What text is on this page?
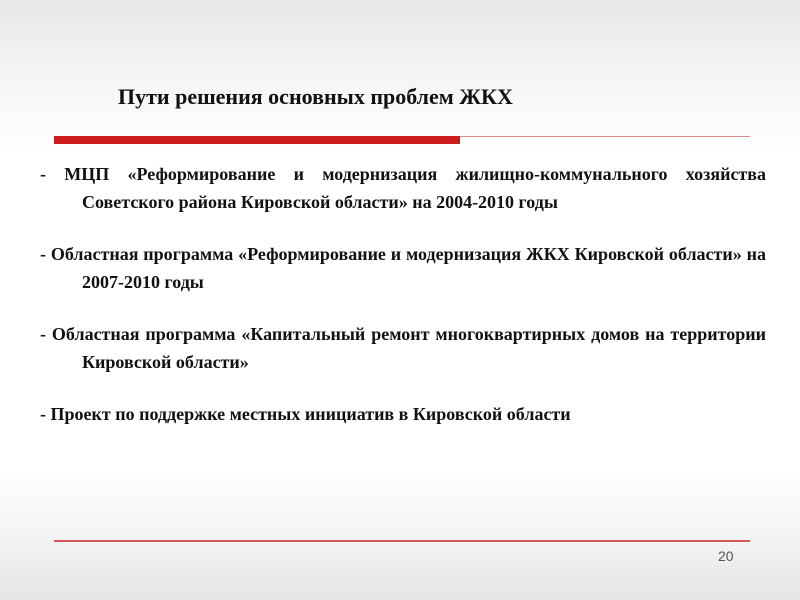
Пути решения основных проблем ЖКХ

- МЦП «Реформирование и модернизация жилищно-коммунального хозяйства Советского района Кировской области» на 2004-2010 годы

- Областная программа «Реформирование и модернизация ЖКХ Кировской области» на 2007-2010 годы

- Областная программа «Капитальный ремонт многоквартирных домов на территории Кировской области»

- Проект по поддержке местных инициатив в Кировской области

20
